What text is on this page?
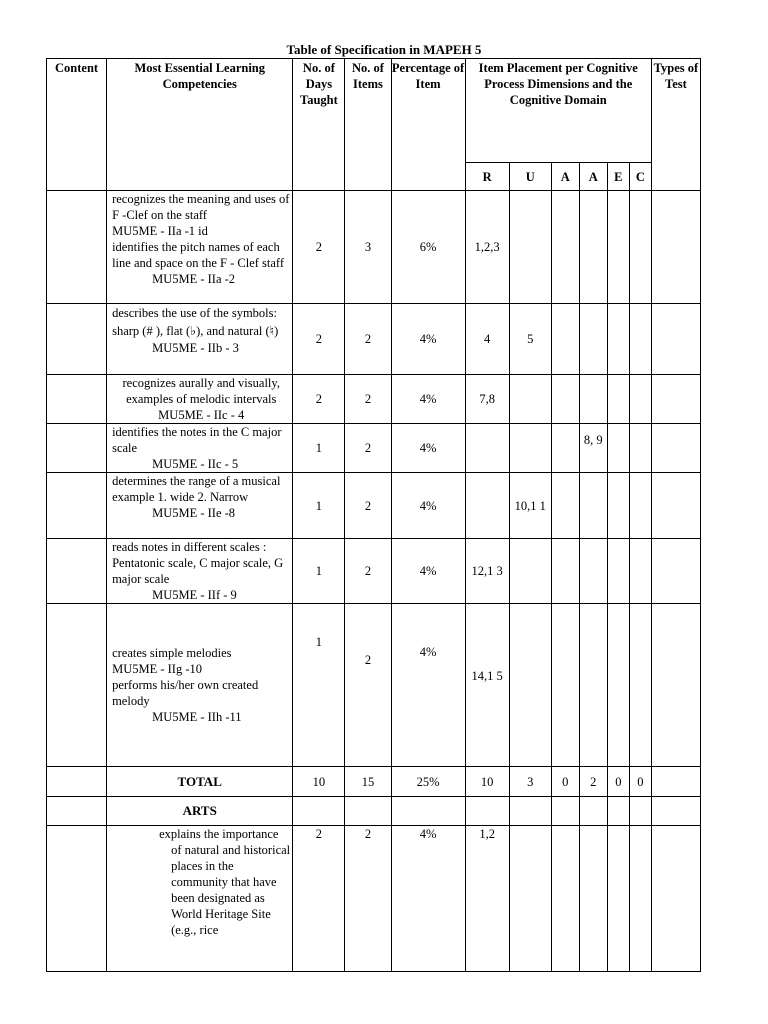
Table of Specification in MAPEH 5
Content	Most Essential Learning Competencies	No. of Days Taught	No. of Items	Percentage of Item	Item Placement per Cognitive Process Dimensions and the Cognitive Domain						Types of Test
					R	U	A	A	E	C	

	recognizes the meaning and uses of F -Clef on the staff

MU5ME - IIa -1 id

identifies the pitch names of each line and space on the F - Clef staff

MU5ME - IIa -2	2	3	6%	1,2,3						

	describes the use of the symbols: sharp (# ), flat (♭), and natural (♮)

MU5ME - IIb - 3	2	2	4%	4	5					

	recognizes aurally and visually, examples of melodic intervals MU5ME - IIc - 4	2	2	4%	7,8						

	identifies the notes in the C major scale

MU5ME - IIc - 5	1	2	4%				8, 9			

	determines the range of a musical example 1. wide 2. Narrow

MU5ME - IIe -8	1	2	4%		10,1 1					

	reads notes in different scales : Pentatonic scale, C major scale, G major scale

MU5ME - IIf - 9	1	2	4%	12,1 3						

	creates simple melodies

MU5ME - IIg -10

performs his/her own created melody

MU5ME - IIh -11	1	2	4%	14,1 5						
	TOTAL	10	15	25%	10	3	0	2	0	0	
	ARTS										

	explains the importance of natural and historical places in the community that have been designated as World Heritage Site (e.g., rice	2	2	4%	1,2						
